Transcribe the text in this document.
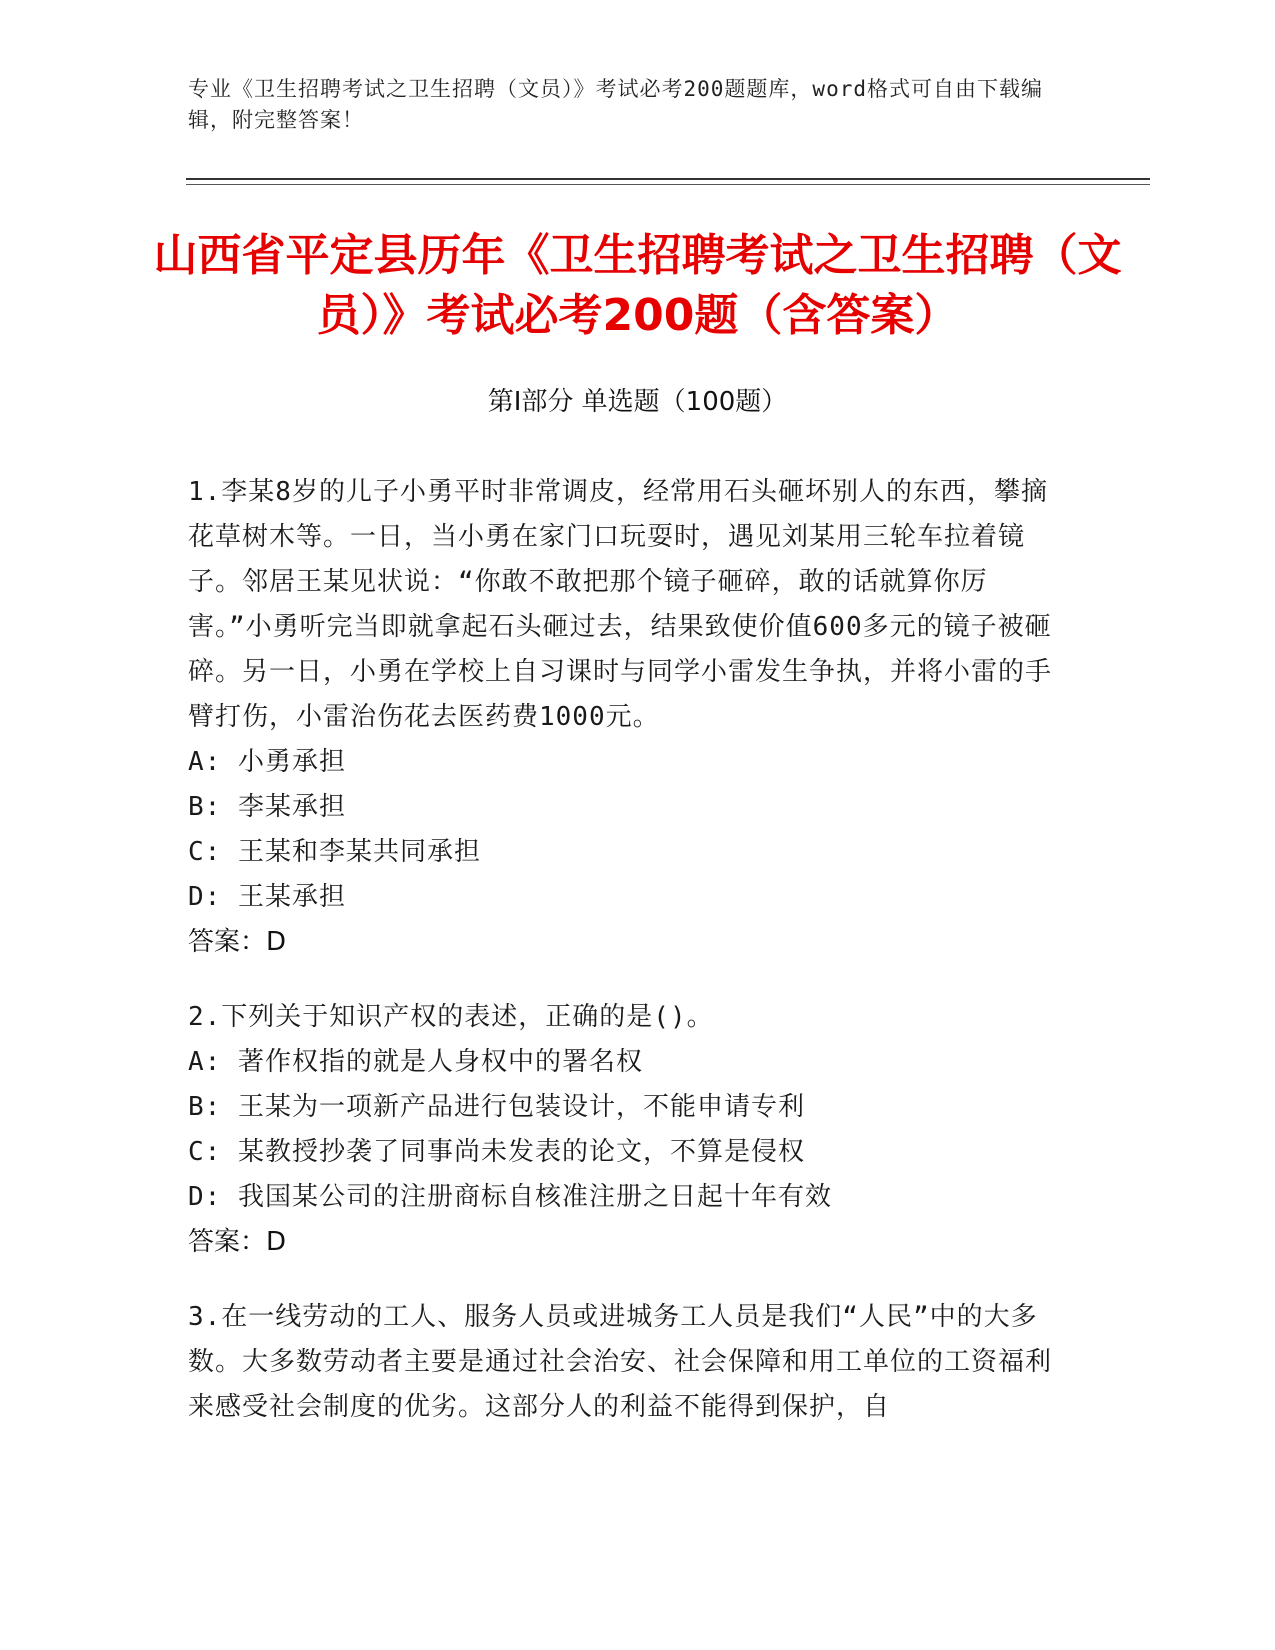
专业《卫生招聘考试之卫生招聘（文员）》考试必考200题题库，word格式可自由下载编辑，附完整答案！
山西省平定县历年《卫生招聘考试之卫生招聘（文员）》考试必考200题（含答案）
第Ⅰ部分 单选题（100题）

1.李某8岁的儿子小勇平时非常调皮，经常用石头砸坏别人的东西，攀摘花草树木等。一日，当小勇在家门口玩耍时，遇见刘某用三轮车拉着镜子。邻居王某见状说：“你敢不敢把那个镜子砸碎，敢的话就算你厉害。”小勇听完当即就拿起石头砸过去，结果致使价值600多元的镜子被砸碎。另一日，小勇在学校上自习课时与同学小雷发生争执，并将小雷的手臂打伤，小雷治伤花去医药费1000元。

A: 小勇承担
B: 李某承担
C: 王某和李某共同承担
D: 王某承担

答案：D

2.下列关于知识产权的表述，正确的是()。

A: 著作权指的就是人身权中的署名权
B: 王某为一项新产品进行包装设计，不能申请专利
C: 某教授抄袭了同事尚未发表的论文，不算是侵权
D: 我国某公司的注册商标自核准注册之日起十年有效

答案：D

3.在一线劳动的工人、服务人员或进城务工人员是我们“人民”中的大多数。大多数劳动者主要是通过社会治安、社会保障和用工单位的工资福利来感受社会制度的优劣。这部分人的利益不能得到保护，自
